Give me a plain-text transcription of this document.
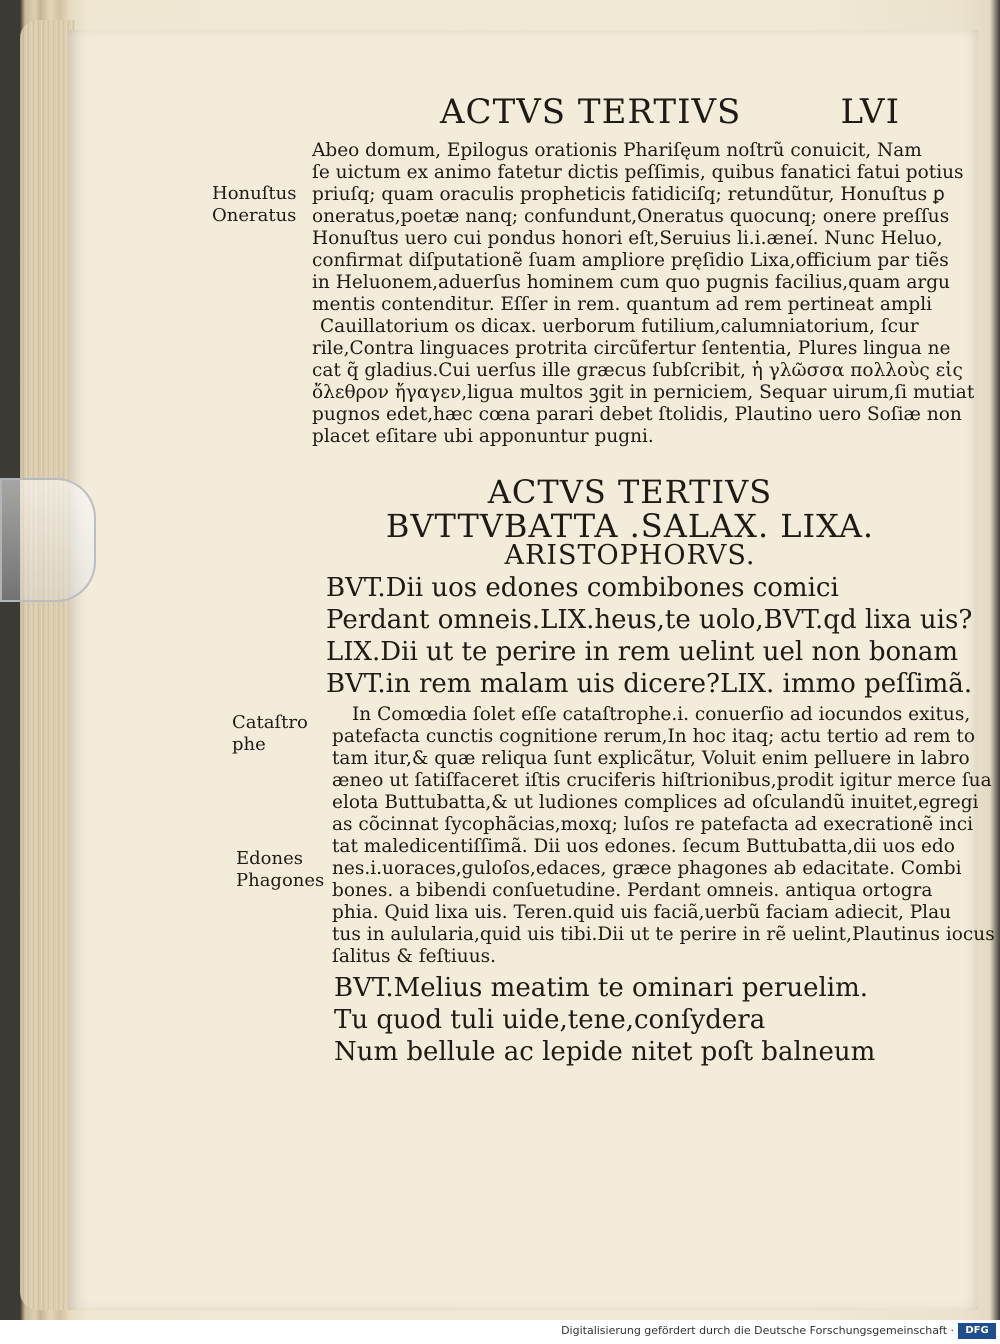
ACTVS TERTIVS	LVI
Abeo domum, Epilogus orationis Phariſęum noſtrũ conuicit, Nam
ſe uictum ex animo fatetur dictis peſſimis, quibus fanatici fatui potius
priuſq; quam oraculis propheticis fatidiciſq; retundũtur, Honuſtus ꝑ
oneratus,poetæ nanq; confundunt,Oneratus quocunq; onere preſſus
Honuſtus uero cui pondus honori eſt,Seruius li.i.æneí. Nunc Heluo,
confirmat diſputationẽ ſuam ampliore pręſidio Lixa,officium par tiẽs
in Heluonem,aduerſus hominem cum quo pugnis facilius,quam argu
mentis contenditur. Eſſer in rem. quantum ad rem pertineat ampli
Cauillatorium os dicax. uerborum futilium,calumniatorium, ſcur
rile,Contra linguaces protrita circũfertur ſententia, Plures lingua ne
cat q̃ gladius.Cui uerſus ille græcus ſubſcribit, ἡ γλῶσσα πολλοὺς εἰς
ὄλεθρον ἤγαγεν,ligua multos ꝫgit in perniciem, Sequar uirum,ſi mutiat
pugnos edet,hæc cœna parari debet ſtolidis, Plautino uero Soſiæ non
placet eſitare ubi apponuntur pugni.
Honuſtus
Oneratus
Cataſtro
phe
Edones
Phagones
ACTVS TERTIVS
BVTTVBATTA .SALAX. LIXA.
ARISTOPHORVS.
BVT.Dii uos edones combibones comici
Perdant omneis.LIX.heus,te uolo,BVT.qd lixa uis?
LIX.Dii ut te perire in rem uelint uel non bonam
BVT.in rem malam uis dicere?LIX. immo peſſimã.
In Comœdia ſolet eſſe cataſtrophe.i. conuerſio ad iocundos exitus,
patefacta cunctis cognitione rerum,In hoc itaq; actu tertio ad rem to
tam itur,& quæ reliqua ſunt explicãtur, Voluit enim pelluere in labro
æneo ut ſatiſfaceret iſtis cruciferis hiſtrionibus,prodit igitur merce ſua
elota Buttubatta,& ut ludiones complices ad oſculandũ inuitet,egregi
as cõcinnat ſycophãcias,moxq; luſos re patefacta ad execrationẽ inci
tat maledicentiſſimã. Dii uos edones. ſecum Buttubatta,dii uos edo
nes.i.uoraces,guloſos,edaces, græce phagones ab edacitate. Combi
bones. a bibendi conſuetudine. Perdant omneis. antiqua ortogra
phia. Quid lixa uis. Teren.quid uis faciã,uerbũ faciam adiecit, Plau
tus in aulularia,quid uis tibi.Dii ut te perire in rẽ uelint,Plautinus iocus
ſalitus & feſtiuus.
BVT.Melius meatim te ominari peruelim.
Tu quod tuli uide,tene,conſydera
Num bellule ac lepide nitet poſt balneum
Digitalisierung gefördert durch die Deutsche Forschungsgemeinschaft ·	DFG
